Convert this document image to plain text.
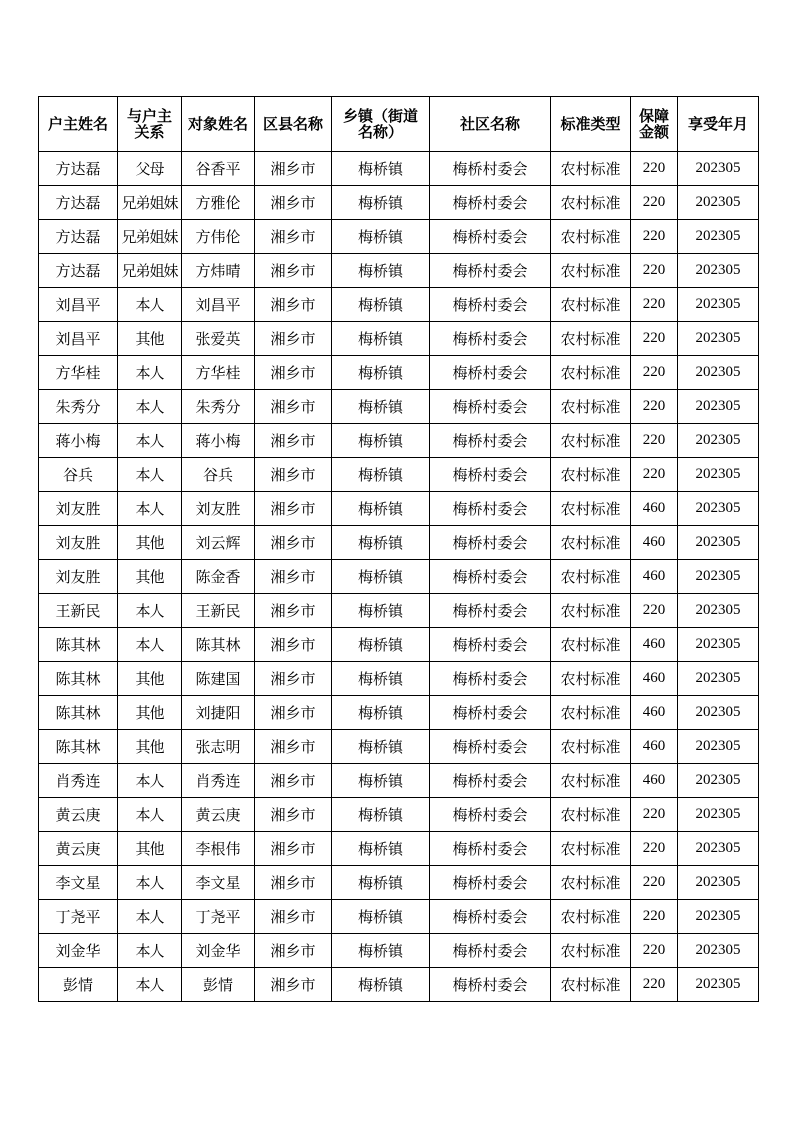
户主姓名	与户主关系	对象姓名	区县名称	乡镇（街道名称）	社区名称	标准类型	保障金额	享受年月
方达磊	父母	谷香平	湘乡市	梅桥镇	梅桥村委会	农村标准	220	202305
方达磊	兄弟姐妹	方雅伦	湘乡市	梅桥镇	梅桥村委会	农村标准	220	202305
方达磊	兄弟姐妹	方伟伦	湘乡市	梅桥镇	梅桥村委会	农村标准	220	202305
方达磊	兄弟姐妹	方炜晴	湘乡市	梅桥镇	梅桥村委会	农村标准	220	202305
刘昌平	本人	刘昌平	湘乡市	梅桥镇	梅桥村委会	农村标准	220	202305
刘昌平	其他	张爱英	湘乡市	梅桥镇	梅桥村委会	农村标准	220	202305
方华桂	本人	方华桂	湘乡市	梅桥镇	梅桥村委会	农村标准	220	202305
朱秀分	本人	朱秀分	湘乡市	梅桥镇	梅桥村委会	农村标准	220	202305
蒋小梅	本人	蒋小梅	湘乡市	梅桥镇	梅桥村委会	农村标准	220	202305
谷兵	本人	谷兵	湘乡市	梅桥镇	梅桥村委会	农村标准	220	202305
刘友胜	本人	刘友胜	湘乡市	梅桥镇	梅桥村委会	农村标准	460	202305
刘友胜	其他	刘云辉	湘乡市	梅桥镇	梅桥村委会	农村标准	460	202305
刘友胜	其他	陈金香	湘乡市	梅桥镇	梅桥村委会	农村标准	460	202305
王新民	本人	王新民	湘乡市	梅桥镇	梅桥村委会	农村标准	220	202305
陈其林	本人	陈其林	湘乡市	梅桥镇	梅桥村委会	农村标准	460	202305
陈其林	其他	陈建国	湘乡市	梅桥镇	梅桥村委会	农村标准	460	202305
陈其林	其他	刘捷阳	湘乡市	梅桥镇	梅桥村委会	农村标准	460	202305
陈其林	其他	张志明	湘乡市	梅桥镇	梅桥村委会	农村标准	460	202305
肖秀连	本人	肖秀连	湘乡市	梅桥镇	梅桥村委会	农村标准	460	202305
黄云庚	本人	黄云庚	湘乡市	梅桥镇	梅桥村委会	农村标准	220	202305
黄云庚	其他	李根伟	湘乡市	梅桥镇	梅桥村委会	农村标准	220	202305
李文星	本人	李文星	湘乡市	梅桥镇	梅桥村委会	农村标准	220	202305
丁尧平	本人	丁尧平	湘乡市	梅桥镇	梅桥村委会	农村标准	220	202305
刘金华	本人	刘金华	湘乡市	梅桥镇	梅桥村委会	农村标准	220	202305
彭情	本人	彭情	湘乡市	梅桥镇	梅桥村委会	农村标准	220	202305
